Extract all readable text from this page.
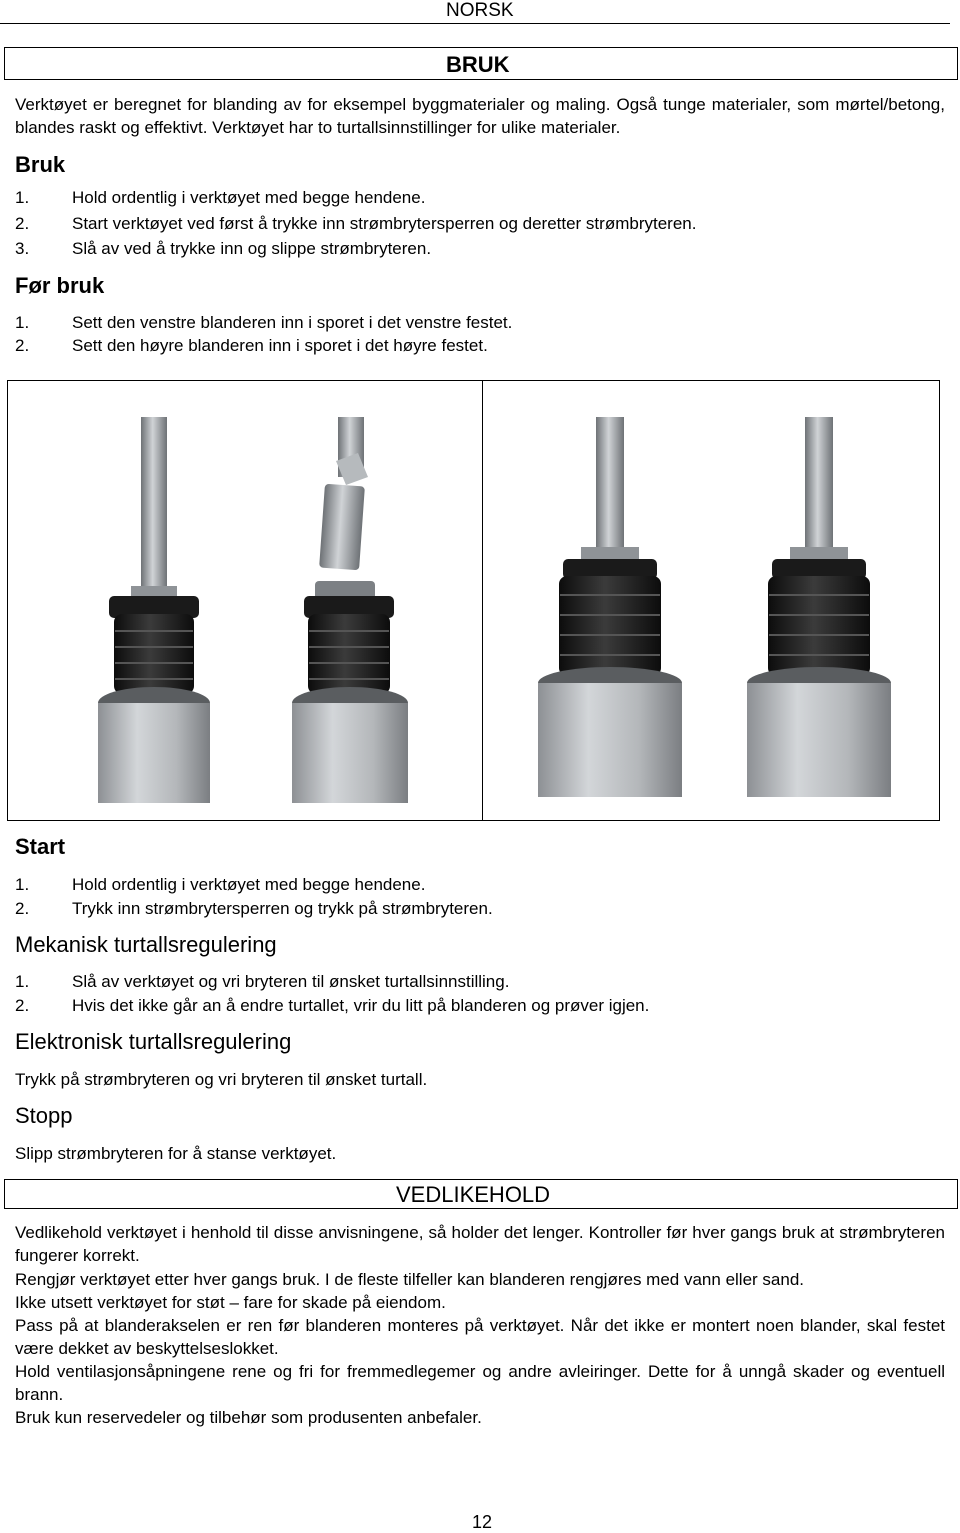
NORSK
BRUK
Verktøyet er beregnet for blanding av for eksempel byggmaterialer og maling. Også tunge materialer, som mørtel/betong, blandes raskt og effektivt. Verktøyet har to turtallsinnstillinger for ulike materialer.
Bruk
1.	Hold ordentlig i verktøyet med begge hendene.
2.	Start verktøyet ved først å trykke inn strømbrytersperren og deretter strømbryteren.
3.	Slå av ved å trykke inn og slippe strømbryteren.
Før bruk
1.	Sett den venstre blanderen inn i sporet i det venstre festet.
2.	Sett den høyre blanderen inn i sporet i det høyre festet.
Start
1.	Hold ordentlig i verktøyet med begge hendene.
2.	Trykk inn strømbrytersperren og trykk på strømbryteren.
Mekanisk turtallsregulering
1.	Slå av verktøyet og vri bryteren til ønsket turtallsinnstilling.
2.	Hvis det ikke går an å endre turtallet, vrir du litt på blanderen og prøver igjen.
Elektronisk turtallsregulering
Trykk på strømbryteren og vri bryteren til ønsket turtall.
Stopp
Slipp strømbryteren for å stanse verktøyet.
VEDLIKEHOLD
Vedlikehold verktøyet i henhold til disse anvisningene, så holder det lenger. Kontroller før hver gangs bruk at strømbryteren fungerer korrekt.
Rengjør verktøyet etter hver gangs bruk. I de fleste tilfeller kan blanderen rengjøres med vann eller sand.
Ikke utsett verktøyet for støt – fare for skade på eiendom.
Pass på at blanderakselen er ren før blanderen monteres på verktøyet. Når det ikke er montert noen blander, skal festet være dekket av beskyttelseslokket.
Hold ventilasjonsåpningene rene og fri for fremmedlegemer og andre avleiringer. Dette for å unngå skader og eventuell brann.
Bruk kun reservedeler og tilbehør som produsenten anbefaler.
12
